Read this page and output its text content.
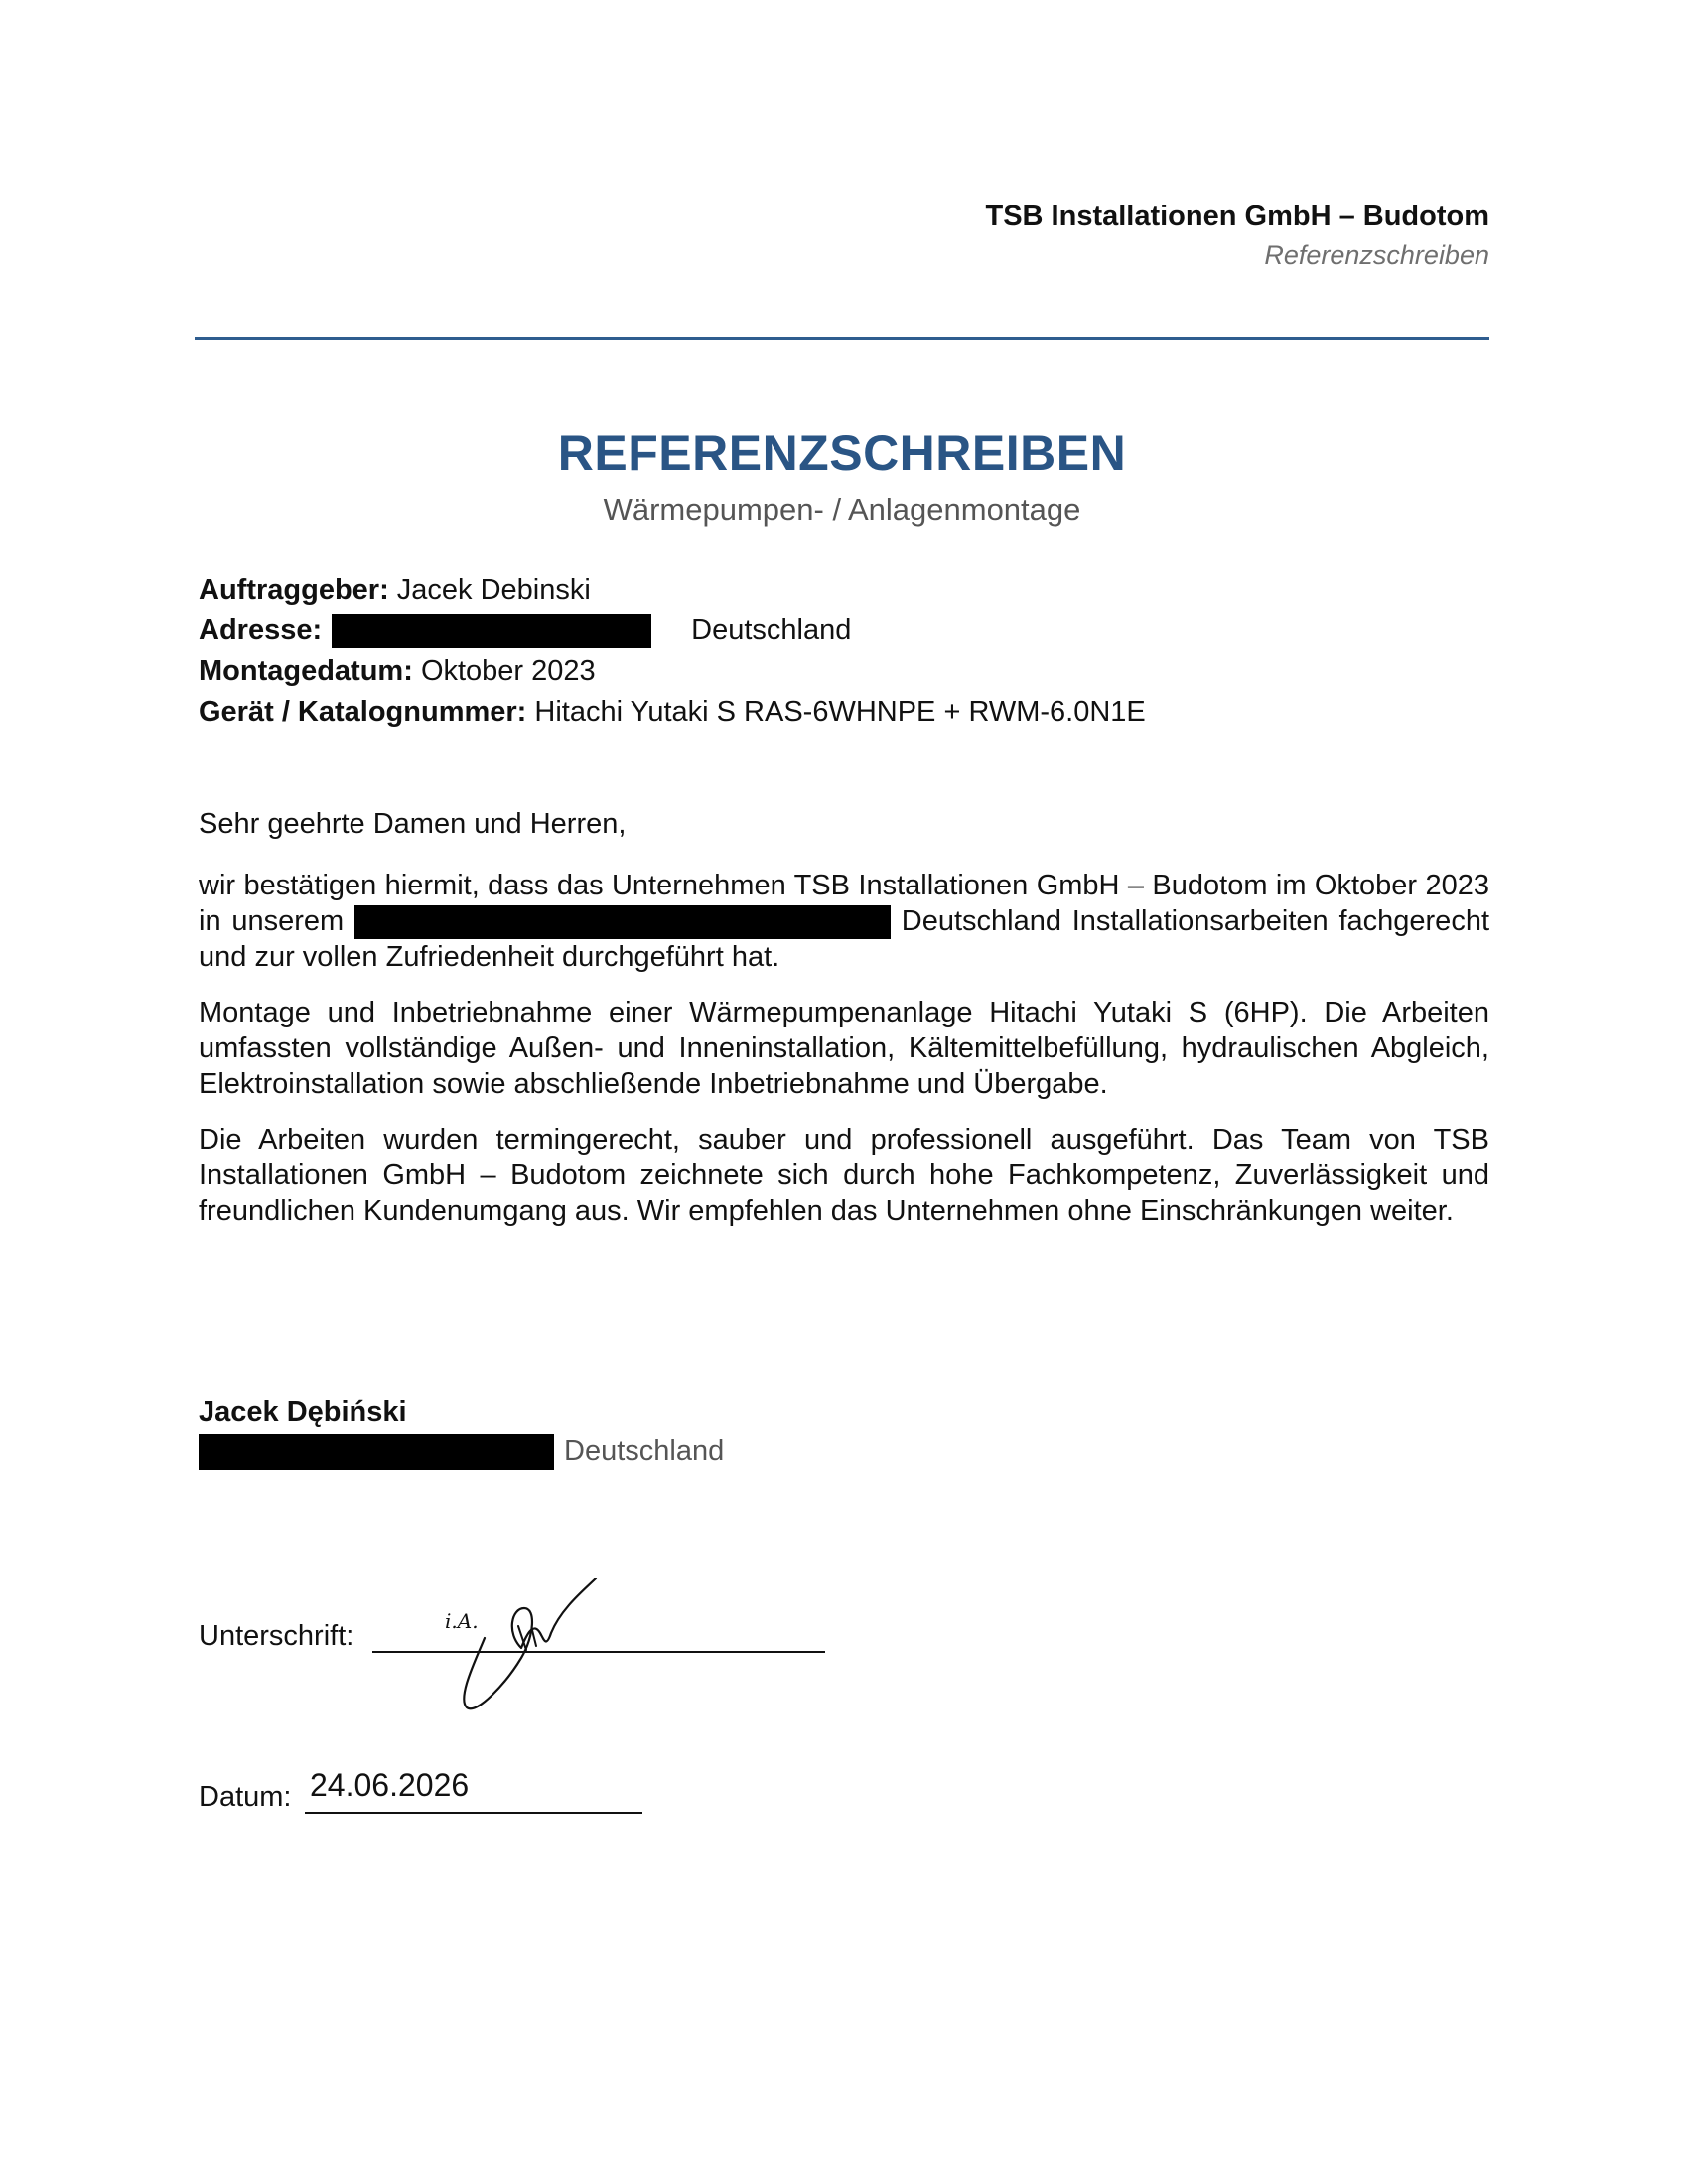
TSB Installationen GmbH – Budotom
Referenzschreiben
REFERENZSCHREIBEN
Wärmepumpen- / Anlagenmontage
Auftraggeber: Jacek Debinski
Adresse:	Deutschland
Montagedatum: Oktober 2023
Gerät / Katalognummer: Hitachi Yutaki S RAS-6WHNPE + RWM-6.0N1E

Sehr geehrte Damen und Herren,

wir bestätigen hiermit, dass das Unternehmen TSB Installationen GmbH – Budotom im Oktober 2023 in unserem	Deutschland Installationsarbeiten fachgerecht und zur vollen Zufriedenheit durchgeführt hat.

Montage und Inbetriebnahme einer Wärmepumpenanlage Hitachi Yutaki S (6HP). Die Arbeiten umfassten vollständige Außen- und Inneninstallation, Kältemittelbefüllung, hydraulischen Abgleich, Elektroinstallation sowie abschließende Inbetriebnahme und Übergabe.

Die Arbeiten wurden termingerecht, sauber und professionell ausgeführt. Das Team von TSB Installationen GmbH – Budotom zeichnete sich durch hohe Fachkompetenz, Zuverlässigkeit und freundlichen Kundenumgang aus. Wir empfehlen das Unternehmen ohne Einschränkungen weiter.

Jacek Dębiński
Deutschland
Unterschrift:	i.A.
Datum: 24.06.2026
